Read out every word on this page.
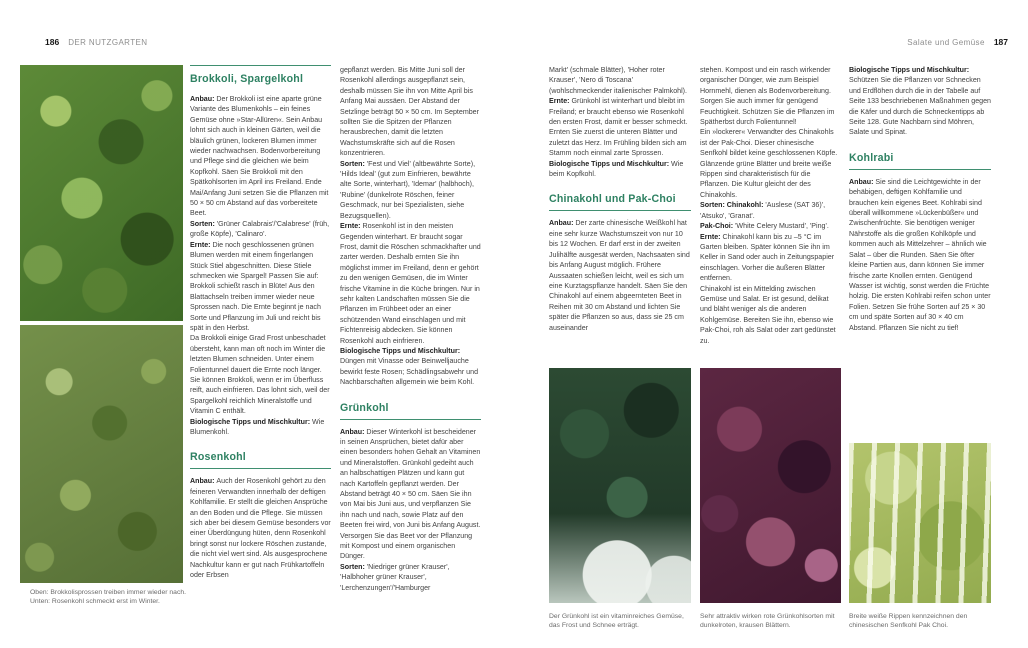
186 DER NUTZGARTEN	Salate und Gemüse 187
Oben: Brokkolisprossen treiben immer wieder nach.
Unten: Rosenkohl schmeckt erst im Winter.
Brokkoli, Spargelkohl

Anbau: Der Brokkoli ist eine aparte grüne Variante des Blumenkohls – ein feines Gemüse ohne »Star-Allüren«. Sein Anbau lohnt sich auch in kleinen Gärten, weil die bläulich grünen, lockeren Blumen immer wieder nachwachsen. Bodenvorbereitung und Pflege sind die gleichen wie beim Kopfkohl. Säen Sie Brokkoli mit den Spätkohlsorten im April ins Freiland. Ende Mai/Anfang Juni setzen Sie die Pflanzen mit 50 × 50 cm Abstand auf das vorbereitete Beet.

Sorten: 'Grüner Calabrais'/'Calabrese' (früh, große Köpfe), 'Calinaro'.

Ernte: Die noch geschlossenen grünen Blumen werden mit einem fingerlangen Stück Stiel abgeschnitten. Diese Stiele schmecken wie Spargel! Passen Sie auf: Brokkoli schießt rasch in Blüte! Aus den Blattachseln treiben immer wieder neue Sprossen nach. Die Ernte beginnt je nach Sorte und Pflanzung im Juli und reicht bis spät in den Herbst.

Da Brokkoli einige Grad Frost unbeschadet übersteht, kann man oft noch im Winter die letzten Blumen schneiden. Unter einem Folientunnel dauert die Ernte noch länger. Sie können Brokkoli, wenn er im Überfluss reift, auch einfrieren. Das lohnt sich, weil der Spargelkohl reichlich Mineralstoffe und Vitamin C enthält.

Biologische Tipps und Mischkultur: Wie Blumenkohl.

Rosenkohl

Anbau: Auch der Rosenkohl gehört zu den feineren Verwandten innerhalb der deftigen Kohlfamilie. Er stellt die gleichen Ansprüche an den Boden und die Pflege. Sie müssen sich aber bei diesem Gemüse besonders vor einer Überdüngung hüten, denn Rosenkohl bringt sonst nur lockere Röschen zustande, die nicht viel wert sind. Als ausgesprochene Nachkultur kann er gut nach Frühkartoffeln oder Erbsen

gepflanzt werden. Bis Mitte Juni soll der Rosenkohl allerdings ausgepflanzt sein, deshalb müssen Sie ihn von Mitte April bis Anfang Mai aussäen. Der Abstand der Setzlinge beträgt 50 × 50 cm. Im September sollten Sie die Spitzen der Pflanzen herausbrechen, damit die letzten Wachstumskräfte sich auf die Rosen konzentrieren.

Sorten: 'Fest und Viel' (altbewährte Sorte), 'Hilds Ideal' (gut zum Einfrieren, bewährte alte Sorte, winterhart), 'Idemar' (halbhoch), 'Rubine' (dunkelrote Röschen, feiner Geschmack, nur bei Spezialisten, siehe Bezugsquellen).

Ernte: Rosenkohl ist in den meisten Gegenden winterhart. Er braucht sogar Frost, damit die Röschen schmackhafter und zarter werden. Deshalb ernten Sie ihn möglichst immer im Freiland, denn er gehört zu den wenigen Gemüsen, die im Winter frische Vitamine in die Küche bringen. Nur in sehr kalten Landschaften müssen Sie die Pflanzen im Frühbeet oder an einer schützenden Wand einschlagen und mit Fichtenreisig abdecken. Sie können Rosenkohl auch einfrieren.

Biologische Tipps und Mischkultur: Düngen mit Vinasse oder Beinwelljauche bewirkt feste Rosen; Schädlingsabwehr und Nachbarschaften allgemein wie beim Kohl.

Grünkohl

Anbau: Dieser Winterkohl ist bescheidener in seinen Ansprüchen, bietet dafür aber einen besonders hohen Gehalt an Vitaminen und Mineralstoffen. Grünkohl gedeiht auch an halbschattigen Plätzen und kann gut nach Kartoffeln gepflanzt werden. Der Abstand beträgt 40 × 50 cm. Säen Sie ihn von Mai bis Juni aus, und verpflanzen Sie ihn nach und nach, sowie Platz auf den Beeten frei wird, von Juni bis Anfang August. Versorgen Sie das Beet vor der Pflanzung mit Kompost und einem organischen Dünger.

Sorten: 'Niedriger grüner Krauser', 'Halbhoher grüner Krauser', 'Lerchenzungen'/'Hamburger

Markt' (schmale Blätter), 'Hoher roter Krauser', 'Nero di Toscana' (wohlschmeckender italienischer Palmkohl).

Ernte: Grünkohl ist winterhart und bleibt im Freiland; er braucht ebenso wie Rosenkohl den ersten Frost, damit er besser schmeckt. Ernten Sie zuerst die unteren Blätter und zuletzt das Herz. Im Frühling bilden sich am Stamm noch einmal zarte Sprossen.

Biologische Tipps und Mischkultur: Wie beim Kopfkohl.

Chinakohl und Pak-Choi

Anbau: Der zarte chinesische Weißkohl hat eine sehr kurze Wachstumszeit von nur 10 bis 12 Wochen. Er darf erst in der zweiten Julihälfte ausgesät werden, Nachsaaten sind bis Anfang August möglich. Frühere Aussaaten schießen leicht, weil es sich um eine Kurztagspflanze handelt. Säen Sie den Chinakohl auf einem abgeernteten Beet in Reihen mit 30 cm Abstand und lichten Sie später die Pflanzen so aus, dass sie 25 cm auseinander

stehen. Kompost und ein rasch wirkender organischer Dünger, wie zum Beispiel Hornmehl, dienen als Bodenvorbereitung. Sorgen Sie auch immer für genügend Feuchtigkeit. Schützen Sie die Pflanzen im Spätherbst durch Folientunnel!

Ein »lockerer« Verwandter des Chinakohls ist der Pak-Choi. Dieser chinesische Senfkohl bildet keine geschlossenen Köpfe. Glänzende grüne Blätter und breite weiße Rippen sind charakteristisch für die Pflanzen. Die Kultur gleicht der des Chinakohls.

Sorten: Chinakohl: 'Auslese (SAT 36)', 'Atsuko', 'Granat'.

Pak-Choi: 'White Celery Mustard', 'Ping'.

Ernte: Chinakohl kann bis zu –5 °C im Garten bleiben. Später können Sie ihn im Keller in Sand oder auch in Zeitungspapier einschlagen. Vorher die äußeren Blätter entfernen.

Chinakohl ist ein Mittelding zwischen Gemüse und Salat. Er ist gesund, delikat und bläht weniger als die anderen Kohlgemüse. Bereiten Sie ihn, ebenso wie Pak-Choi, roh als Salat oder zart gedünstet zu.

Biologische Tipps und Mischkultur: Schützen Sie die Pflanzen vor Schnecken und Erdflöhen durch die in der Tabelle auf Seite 133 beschriebenen Maßnahmen gegen die Käfer und durch die Schneckentipps ab Seite 128. Gute Nachbarn sind Möhren, Salate und Spinat.

Kohlrabi

Anbau: Sie sind die Leichtgewichte in der behäbigen, deftigen Kohlfamilie und brauchen kein eigenes Beet. Kohlrabi sind überall willkommene »Lückenbüßer« und Zwischenfrüchte. Sie benötigen weniger Nährstoffe als die großen Kohlköpfe und kommen auch als Mittelzehrer – ähnlich wie Salat – über die Runden. Säen Sie öfter kleine Partien aus, dann können Sie immer frische zarte Knollen ernten. Genügend Wasser ist wichtig, sonst werden die Früchte holzig. Die ersten Kohlrabi reifen schon unter Folien. Setzen Sie frühe Sorten auf 25 × 30 cm und späte Sorten auf 30 × 40 cm Abstand. Pflanzen Sie nicht zu tief!

Der Grünkohl ist ein vitaminreiches Gemüse, das Frost und Schnee erträgt.
Sehr attraktiv wirken rote Grünkohlsorten mit dunkelroten, krausen Blättern.
Breite weiße Rippen kennzeichnen den chinesischen Senfkohl Pak Choi.
